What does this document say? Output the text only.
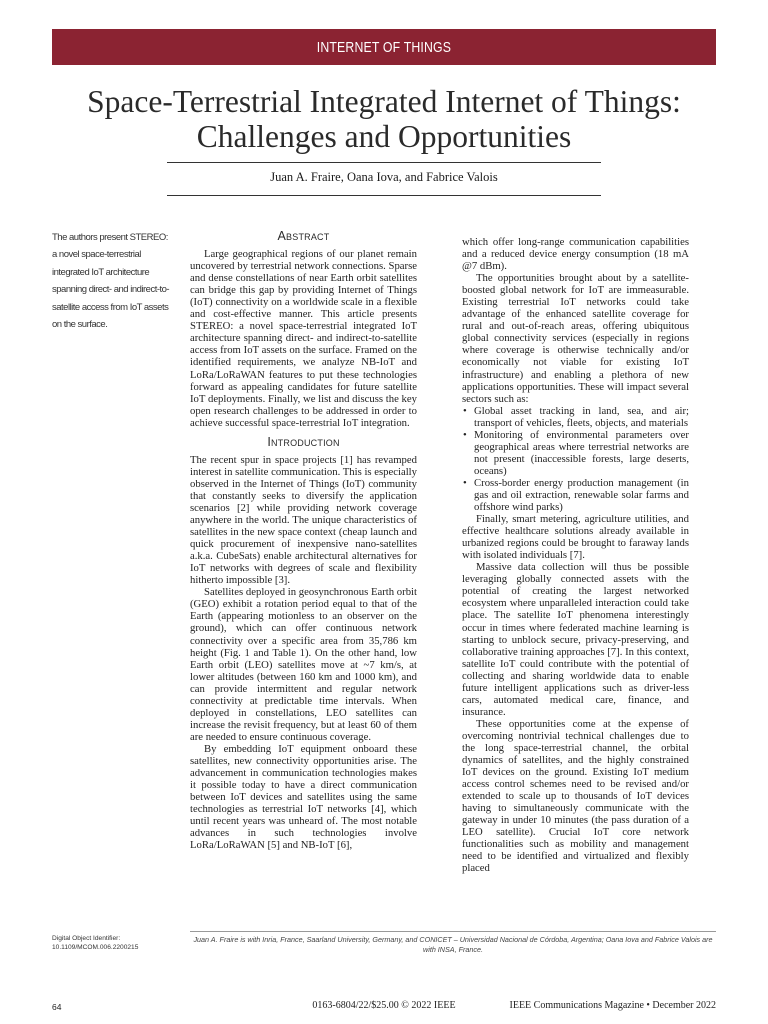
INTERNET OF THINGS
Space-Terrestrial Integrated Internet of Things: Challenges and Opportunities
Juan A. Fraire, Oana Iova, and Fabrice Valois
The authors present STEREO: a novel space-terrestrial integrated IoT architecture spanning direct- and indirect-to-satellite access from IoT assets on the surface.
Digital Object Identifier: 10.1109/MCOM.006.2200215
Abstract

Large geographical regions of our planet remain uncovered by terrestrial network connections. Sparse and dense constellations of near Earth orbit satellites can bridge this gap by providing Internet of Things (IoT) connectivity on a worldwide scale in a flexible and cost-effective manner. This article presents STEREO: a novel space-terrestrial integrated IoT architecture spanning direct- and indirect-to-satellite access from IoT assets on the surface. Framed on the identified requirements, we analyze NB-IoT and LoRa/LoRaWAN features to put these technologies forward as appealing candidates for future satellite IoT deployments. Finally, we list and discuss the key open research challenges to be addressed in order to achieve successful space-terrestrial IoT integration.

Introduction

The recent spur in space projects [1] has revamped interest in satellite communication. This is especially observed in the Internet of Things (IoT) community that constantly seeks to diversify the application scenarios [2] while providing network coverage anywhere in the world. The unique characteristics of satellites in the new space context (cheap launch and quick procurement of inexpensive nano-satellites a.k.a. CubeSats) enable architectural alternatives for IoT networks with degrees of scale and flexibility hitherto impossible [3].

Satellites deployed in geosynchronous Earth orbit (GEO) exhibit a rotation period equal to that of the Earth (appearing motionless to an observer on the ground), which can offer continuous network connectivity over a specific area from 35,786 km height (Fig. 1 and Table 1). On the other hand, low Earth orbit (LEO) satellites move at ~7 km/s, at lower altitudes (between 160 km and 1000 km), and can provide intermittent and regular network connectivity at predictable time intervals. When deployed in constellations, LEO satellites can increase the revisit frequency, but at least 60 of them are needed to ensure continuous coverage.

By embedding IoT equipment onboard these satellites, new connectivity opportunities arise. The advancement in communication technologies makes it possible today to have a direct communication between IoT devices and satellites using the same technologies as terrestrial IoT networks [4], which until recent years was unheard of. The most notable advances in such technologies involve LoRa/LoRaWAN [5] and NB-IoT [6],

which offer long-range communication capabilities and a reduced device energy consumption (18 mA @7 dBm).

The opportunities brought about by a satellite-boosted global network for IoT are immeasurable. Existing terrestrial IoT networks could take advantage of the enhanced satellite coverage for rural and out-of-reach areas, offering ubiquitous global connectivity services (especially in regions where coverage is otherwise technically and/or economically not viable for existing IoT infrastructure) and enabling a plethora of new applications opportunities. These will impact several sectors such as:

• Global asset tracking in land, sea, and air; transport of vehicles, fleets, objects, and materials
• Monitoring of environmental parameters over geographical areas where terrestrial networks are not present (inaccessible forests, large deserts, oceans)
• Cross-border energy production management (in gas and oil extraction, renewable solar farms and offshore wind parks)

Finally, smart metering, agriculture utilities, and effective healthcare solutions already available in urbanized regions could be brought to faraway lands with isolated individuals [7].

Massive data collection will thus be possible leveraging globally connected assets with the potential of creating the largest networked ecosystem where unparalleled interaction could take place. The satellite IoT phenomena interestingly occur in times where federated machine learning is starting to unblock secure, privacy-preserving, and collaborative training approaches [7]. In this context, satellite IoT could contribute with the potential of collecting and sharing worldwide data to enable future intelligent applications such as driver-less cars, automated medical care, finance, and insurance.

These opportunities come at the expense of overcoming nontrivial technical challenges due to the long space-terrestrial channel, the orbital dynamics of satellites, and the highly constrained IoT devices on the ground. Existing IoT medium access control schemes need to be revised and/or extended to scale up to thousands of IoT devices having to simultaneously communicate with the gateway in under 10 minutes (the pass duration of a LEO satellite). Crucial IoT core network functionalities such as mobility and management need to be identified and virtualized and flexibly placed

Juan A. Fraire is with Inria, France, Saarland University, Germany, and CONICET – Universidad Nacional de Córdoba, Argentina; Oana Iova and Fabrice Valois are with INSA, France.
64	0163-6804/22/$25.00 © 2022 IEEE	IEEE Communications Magazine • December 2022
